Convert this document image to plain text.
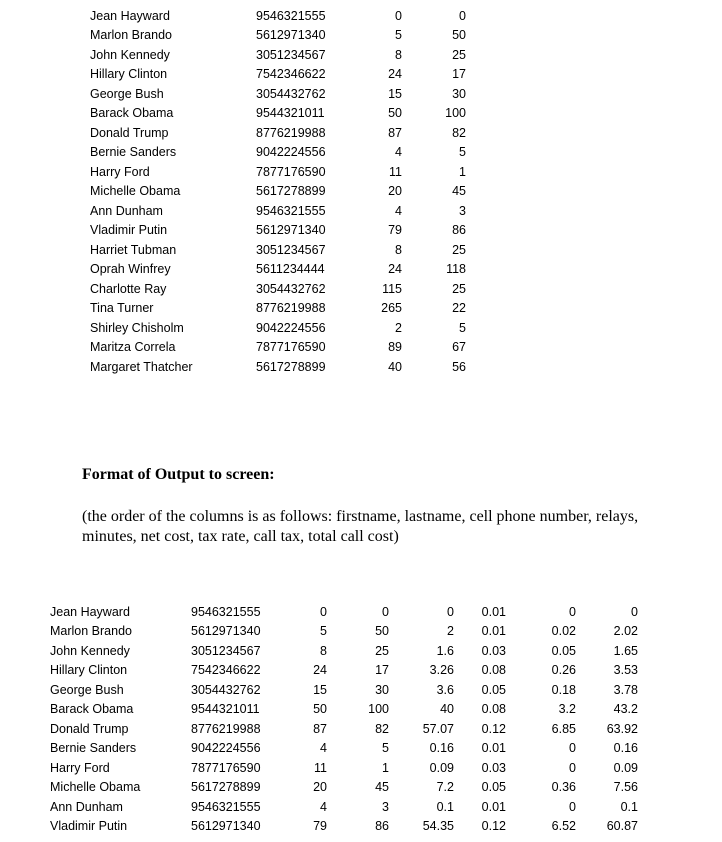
Jean Hayward	9546321555	0	0
Marlon Brando	5612971340	5	50
John Kennedy	3051234567	8	25
Hillary Clinton	7542346622	24	17
George Bush	3054432762	15	30
Barack Obama	9544321011	50	100
Donald Trump	8776219988	87	82
Bernie Sanders	9042224556	4	5
Harry Ford	7877176590	11	1
Michelle Obama	5617278899	20	45
Ann Dunham	9546321555	4	3
Vladimir Putin	5612971340	79	86
Harriet Tubman	3051234567	8	25
Oprah Winfrey	5611234444	24	118
Charlotte Ray	3054432762	115	25
Tina Turner	8776219988	265	22
Shirley Chisholm	9042224556	2	5
Maritza Correla	7877176590	89	67
Margaret Thatcher	5617278899	40	56
Format of Output to screen:

(the order of the columns is as follows: firstname, lastname, cell phone number, relays, minutes, net cost, tax rate, call tax, total call cost)

Jean Hayward	9546321555	0	0	0	0.01	0	0
Marlon Brando	5612971340	5	50	2	0.01	0.02	2.02
John Kennedy	3051234567	8	25	1.6	0.03	0.05	1.65
Hillary Clinton	7542346622	24	17	3.26	0.08	0.26	3.53
George Bush	3054432762	15	30	3.6	0.05	0.18	3.78
Barack Obama	9544321011	50	100	40	0.08	3.2	43.2
Donald Trump	8776219988	87	82	57.07	0.12	6.85	63.92
Bernie Sanders	9042224556	4	5	0.16	0.01	0	0.16
Harry Ford	7877176590	11	1	0.09	0.03	0	0.09
Michelle Obama	5617278899	20	45	7.2	0.05	0.36	7.56
Ann Dunham	9546321555	4	3	0.1	0.01	0	0.1
Vladimir Putin	5612971340	79	86	54.35	0.12	6.52	60.87
